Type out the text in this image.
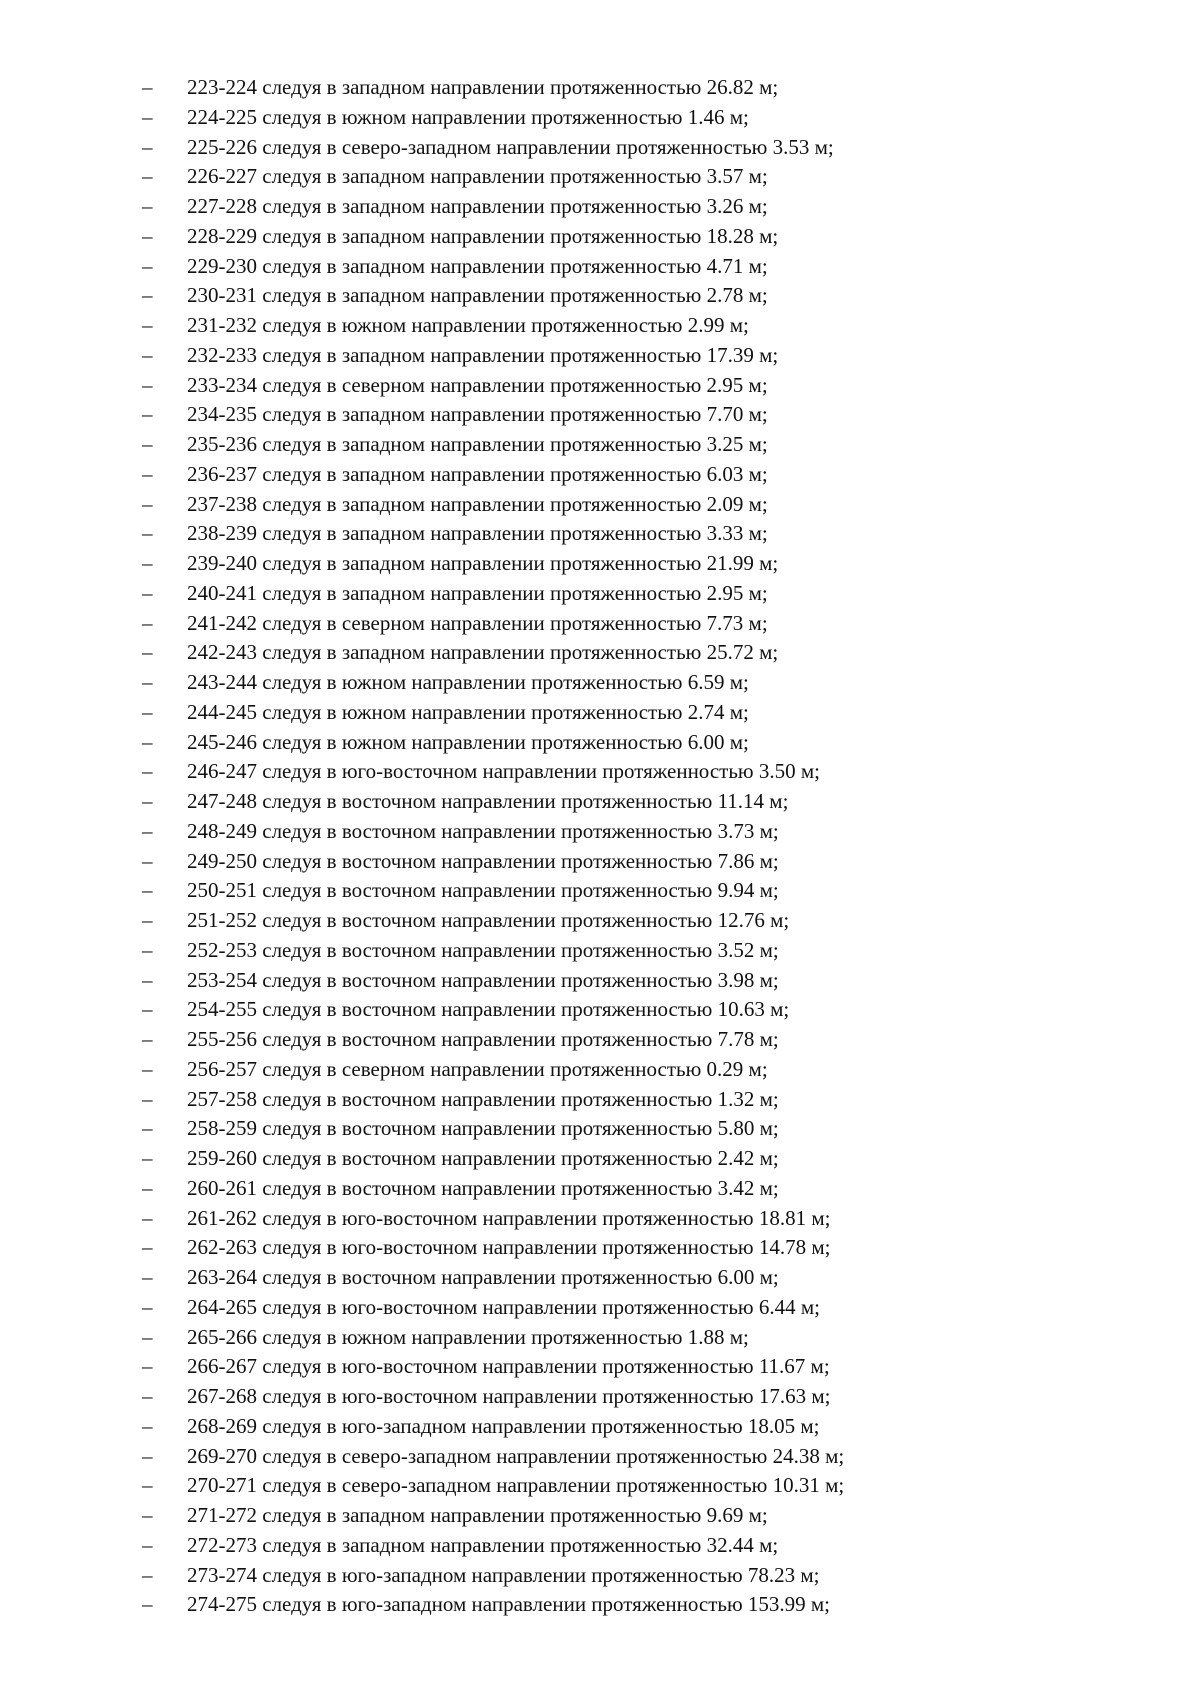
– 223-224 следуя в западном направлении протяженностью 26.82 м;
– 224-225 следуя в южном направлении протяженностью 1.46 м;
– 225-226 следуя в северо-западном направлении протяженностью 3.53 м;
– 226-227 следуя в западном направлении протяженностью 3.57 м;
– 227-228 следуя в западном направлении протяженностью 3.26 м;
– 228-229 следуя в западном направлении протяженностью 18.28 м;
– 229-230 следуя в западном направлении протяженностью 4.71 м;
– 230-231 следуя в западном направлении протяженностью 2.78 м;
– 231-232 следуя в южном направлении протяженностью 2.99 м;
– 232-233 следуя в западном направлении протяженностью 17.39 м;
– 233-234 следуя в северном направлении протяженностью 2.95 м;
– 234-235 следуя в западном направлении протяженностью 7.70 м;
– 235-236 следуя в западном направлении протяженностью 3.25 м;
– 236-237 следуя в западном направлении протяженностью 6.03 м;
– 237-238 следуя в западном направлении протяженностью 2.09 м;
– 238-239 следуя в западном направлении протяженностью 3.33 м;
– 239-240 следуя в западном направлении протяженностью 21.99 м;
– 240-241 следуя в западном направлении протяженностью 2.95 м;
– 241-242 следуя в северном направлении протяженностью 7.73 м;
– 242-243 следуя в западном направлении протяженностью 25.72 м;
– 243-244 следуя в южном направлении протяженностью 6.59 м;
– 244-245 следуя в южном направлении протяженностью 2.74 м;
– 245-246 следуя в южном направлении протяженностью 6.00 м;
– 246-247 следуя в юго-восточном направлении протяженностью 3.50 м;
– 247-248 следуя в восточном направлении протяженностью 11.14 м;
– 248-249 следуя в восточном направлении протяженностью 3.73 м;
– 249-250 следуя в восточном направлении протяженностью 7.86 м;
– 250-251 следуя в восточном направлении протяженностью 9.94 м;
– 251-252 следуя в восточном направлении протяженностью 12.76 м;
– 252-253 следуя в восточном направлении протяженностью 3.52 м;
– 253-254 следуя в восточном направлении протяженностью 3.98 м;
– 254-255 следуя в восточном направлении протяженностью 10.63 м;
– 255-256 следуя в восточном направлении протяженностью 7.78 м;
– 256-257 следуя в северном направлении протяженностью 0.29 м;
– 257-258 следуя в восточном направлении протяженностью 1.32 м;
– 258-259 следуя в восточном направлении протяженностью 5.80 м;
– 259-260 следуя в восточном направлении протяженностью 2.42 м;
– 260-261 следуя в восточном направлении протяженностью 3.42 м;
– 261-262 следуя в юго-восточном направлении протяженностью 18.81 м;
– 262-263 следуя в юго-восточном направлении протяженностью 14.78 м;
– 263-264 следуя в восточном направлении протяженностью 6.00 м;
– 264-265 следуя в юго-восточном направлении протяженностью 6.44 м;
– 265-266 следуя в южном направлении протяженностью 1.88 м;
– 266-267 следуя в юго-восточном направлении протяженностью 11.67 м;
– 267-268 следуя в юго-восточном направлении протяженностью 17.63 м;
– 268-269 следуя в юго-западном направлении протяженностью 18.05 м;
– 269-270 следуя в северо-западном направлении протяженностью 24.38 м;
– 270-271 следуя в северо-западном направлении протяженностью 10.31 м;
– 271-272 следуя в западном направлении протяженностью 9.69 м;
– 272-273 следуя в западном направлении протяженностью 32.44 м;
– 273-274 следуя в юго-западном направлении протяженностью 78.23 м;
– 274-275 следуя в юго-западном направлении протяженностью 153.99 м;
